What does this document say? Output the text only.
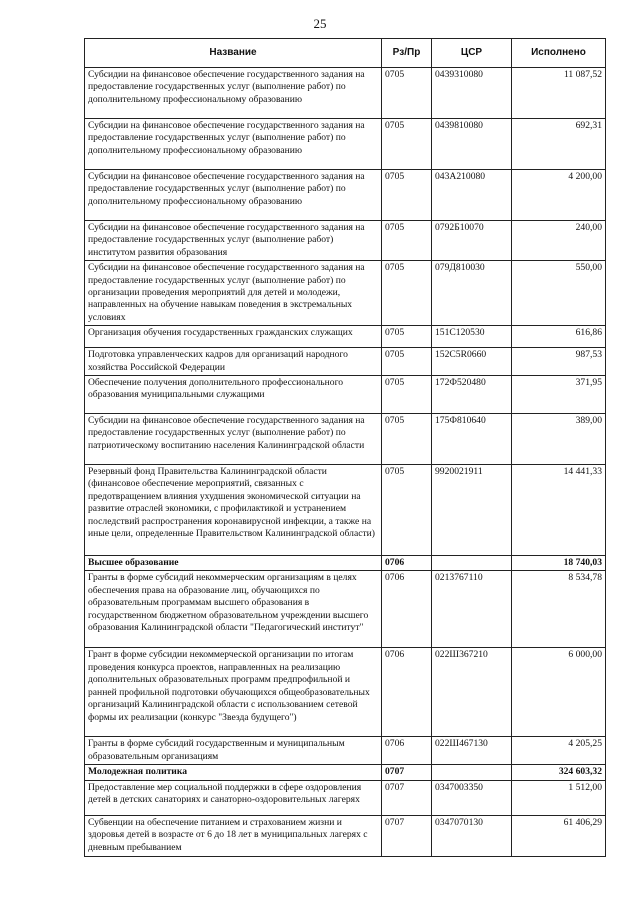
25
Название	Рз/Пр	ЦСР	Исполнено
Субсидии на финансовое обеспечение государственного задания на предоставление государственных услуг (выполнение работ) по дополнительному профессиональному образованию	0705	0439310080	11 087,52
Субсидии на финансовое обеспечение государственного задания на предоставление государственных услуг (выполнение работ) по дополнительному профессиональному образованию	0705	0439810080	692,31
Субсидии на финансовое обеспечение государственного задания на предоставление государственных услуг (выполнение работ) по дополнительному профессиональному образованию	0705	043А210080	4 200,00
Субсидии на финансовое обеспечение государственного задания на предоставление государственных услуг (выполнение работ) институтом развития образования	0705	0792Б10070	240,00
Субсидии на финансовое обеспечение государственного задания на предоставление государственных услуг (выполнение работ) по организации проведения мероприятий для детей и молодежи, направленных на обучение навыкам поведения в экстремальных условиях	0705	079Д810030	550,00
Организация обучения государственных гражданских служащих	0705	151С120530	616,86
Подготовка управленческих кадров для организаций народного хозяйства Российской Федерации	0705	152С5R0660	987,53
Обеспечение получения дополнительного профессионального образования муниципальными служащими	0705	172Ф520480	371,95
Субсидии на финансовое обеспечение государственного задания на предоставление государственных услуг (выполнение работ) по патриотическому воспитанию населения Калининградской области	0705	175Ф810640	389,00
Резервный фонд Правительства Калининградской области (финансовое обеспечение мероприятий, связанных с предотвращением влияния ухудшения экономической ситуации на развитие отраслей экономики, с профилактикой и устранением последствий распространения коронавирусной инфекции, а также на иные цели, определенные Правительством Калининградской области)	0705	9920021911	14 441,33
Высшее образование	0706		18 740,03
Гранты в форме субсидий некоммерческим организациям в целях обеспечения права на образование лиц, обучающихся по образовательным программам высшего образования в государственном бюджетном образовательном учреждении высшего образования Калининградской области "Педагогический институт"	0706	0213767110	8 534,78
Грант в форме субсидии некоммерческой организации по итогам проведения конкурса проектов, направленных на реализацию дополнительных образовательных программ предпрофильной и ранней профильной подготовки обучающихся общеобразовательных организаций Калининградской области с использованием сетевой формы их реализации (конкурс "Звезда будущего")	0706	022Ш367210	6 000,00
Гранты в форме субсидий государственным и муниципальным образовательным организациям	0706	022Ш467130	4 205,25
Молодежная политика	0707		324 603,32
Предоставление мер социальной поддержки в сфере оздоровления детей в детских санаториях и санаторно-оздоровительных лагерях	0707	0347003350	1 512,00
Субвенции на обеспечение питанием и страхованием жизни и здоровья детей в возрасте от 6 до 18 лет в муниципальных лагерях с дневным пребыванием	0707	0347070130	61 406,29
